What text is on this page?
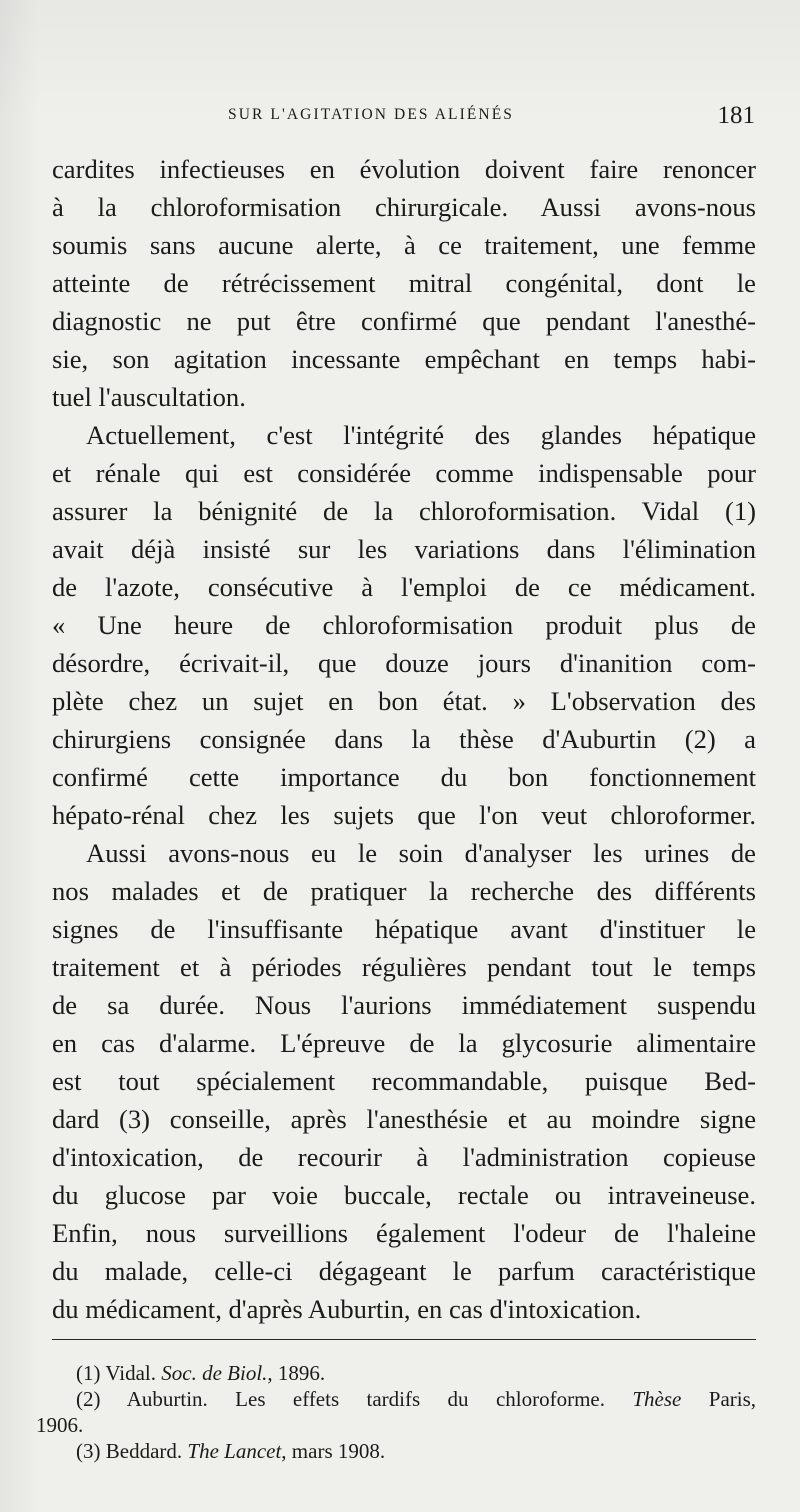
SUR L'AGITATION DES ALIÉNÉS	181
cardites infectieuses en évolution doivent faire renoncer
à la chloroformisation chirurgicale. Aussi avons-nous
soumis sans aucune alerte, à ce traitement, une femme
atteinte de rétrécissement mitral congénital, dont le
diagnostic ne put être confirmé que pendant l'anesthé-
sie, son agitation incessante empêchant en temps habi-
tuel l'auscultation.
Actuellement, c'est l'intégrité des glandes hépatique
et rénale qui est considérée comme indispensable pour
assurer la bénignité de la chloroformisation. Vidal (1)
avait déjà insisté sur les variations dans l'élimination
de l'azote, consécutive à l'emploi de ce médicament.
« Une heure de chloroformisation produit plus de
désordre, écrivait-il, que douze jours d'inanition com-
plète chez un sujet en bon état. » L'observation des
chirurgiens consignée dans la thèse d'Auburtin (2) a
confirmé cette importance du bon fonctionnement
hépato-rénal chez les sujets que l'on veut chloroformer.
Aussi avons-nous eu le soin d'analyser les urines de
nos malades et de pratiquer la recherche des différents
signes de l'insuffisante hépatique avant d'instituer le
traitement et à périodes régulières pendant tout le temps
de sa durée. Nous l'aurions immédiatement suspendu
en cas d'alarme. L'épreuve de la glycosurie alimentaire
est tout spécialement recommandable, puisque Bed-
dard (3) conseille, après l'anesthésie et au moindre signe
d'intoxication, de recourir à l'administration copieuse
du glucose par voie buccale, rectale ou intraveineuse.
Enfin, nous surveillions également l'odeur de l'haleine
du malade, celle-ci dégageant le parfum caractéristique
du médicament, d'après Auburtin, en cas d'intoxication.
(1) Vidal. Soc. de Biol., 1896.
(2) Auburtin. Les effets tardifs du chloroforme. Thèse Paris,
1906.
(3) Beddard. The Lancet, mars 1908.
